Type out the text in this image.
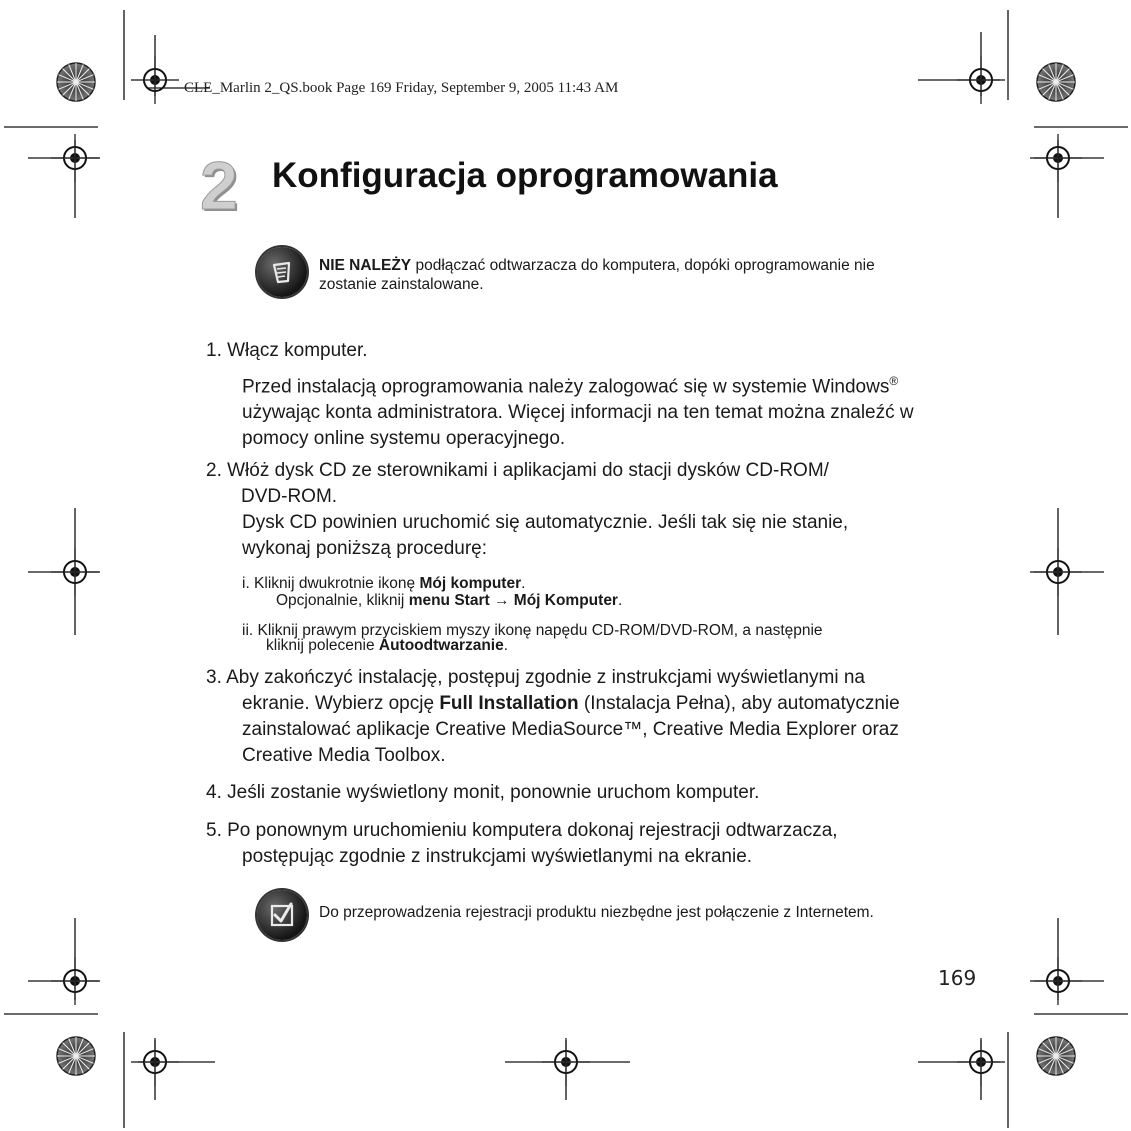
CLE_Marlin 2_QS.book Page 169 Friday, September 9, 2005 11:43 AM
2 Konfiguracja oprogramowania
NIE NALEŻY podłączać odtwarzacza do komputera, dopóki oprogramowanie nie
zostanie zainstalowane.
1. Włącz komputer.
Przed instalacją oprogramowania należy zalogować się w systemie Windows®
używając konta administratora. Więcej informacji na ten temat można znaleźć w
pomocy online systemu operacyjnego.
2. Włóż dysk CD ze sterownikami i aplikacjami do stacji dysków CD-ROM/
DVD-ROM.
Dysk CD powinien uruchomić się automatycznie. Jeśli tak się nie stanie,
wykonaj poniższą procedurę:
i. Kliknij dwukrotnie ikonę Mój komputer.
Opcjonalnie, kliknij menu Start → Mój Komputer.
ii. Kliknij prawym przyciskiem myszy ikonę napędu CD-ROM/DVD-ROM, a następnie
kliknij polecenie Autoodtwarzanie.
3. Aby zakończyć instalację, postępuj zgodnie z instrukcjami wyświetlanymi na
ekranie. Wybierz opcję Full Installation (Instalacja Pełna), aby automatycznie
zainstalować aplikacje Creative MediaSource™, Creative Media Explorer oraz
Creative Media Toolbox.
4. Jeśli zostanie wyświetlony monit, ponownie uruchom komputer.
5. Po ponownym uruchomieniu komputera dokonaj rejestracji odtwarzacza,
postępując zgodnie z instrukcjami wyświetlanymi na ekranie.
Do przeprowadzenia rejestracji produktu niezbędne jest połączenie z Internetem.
169
